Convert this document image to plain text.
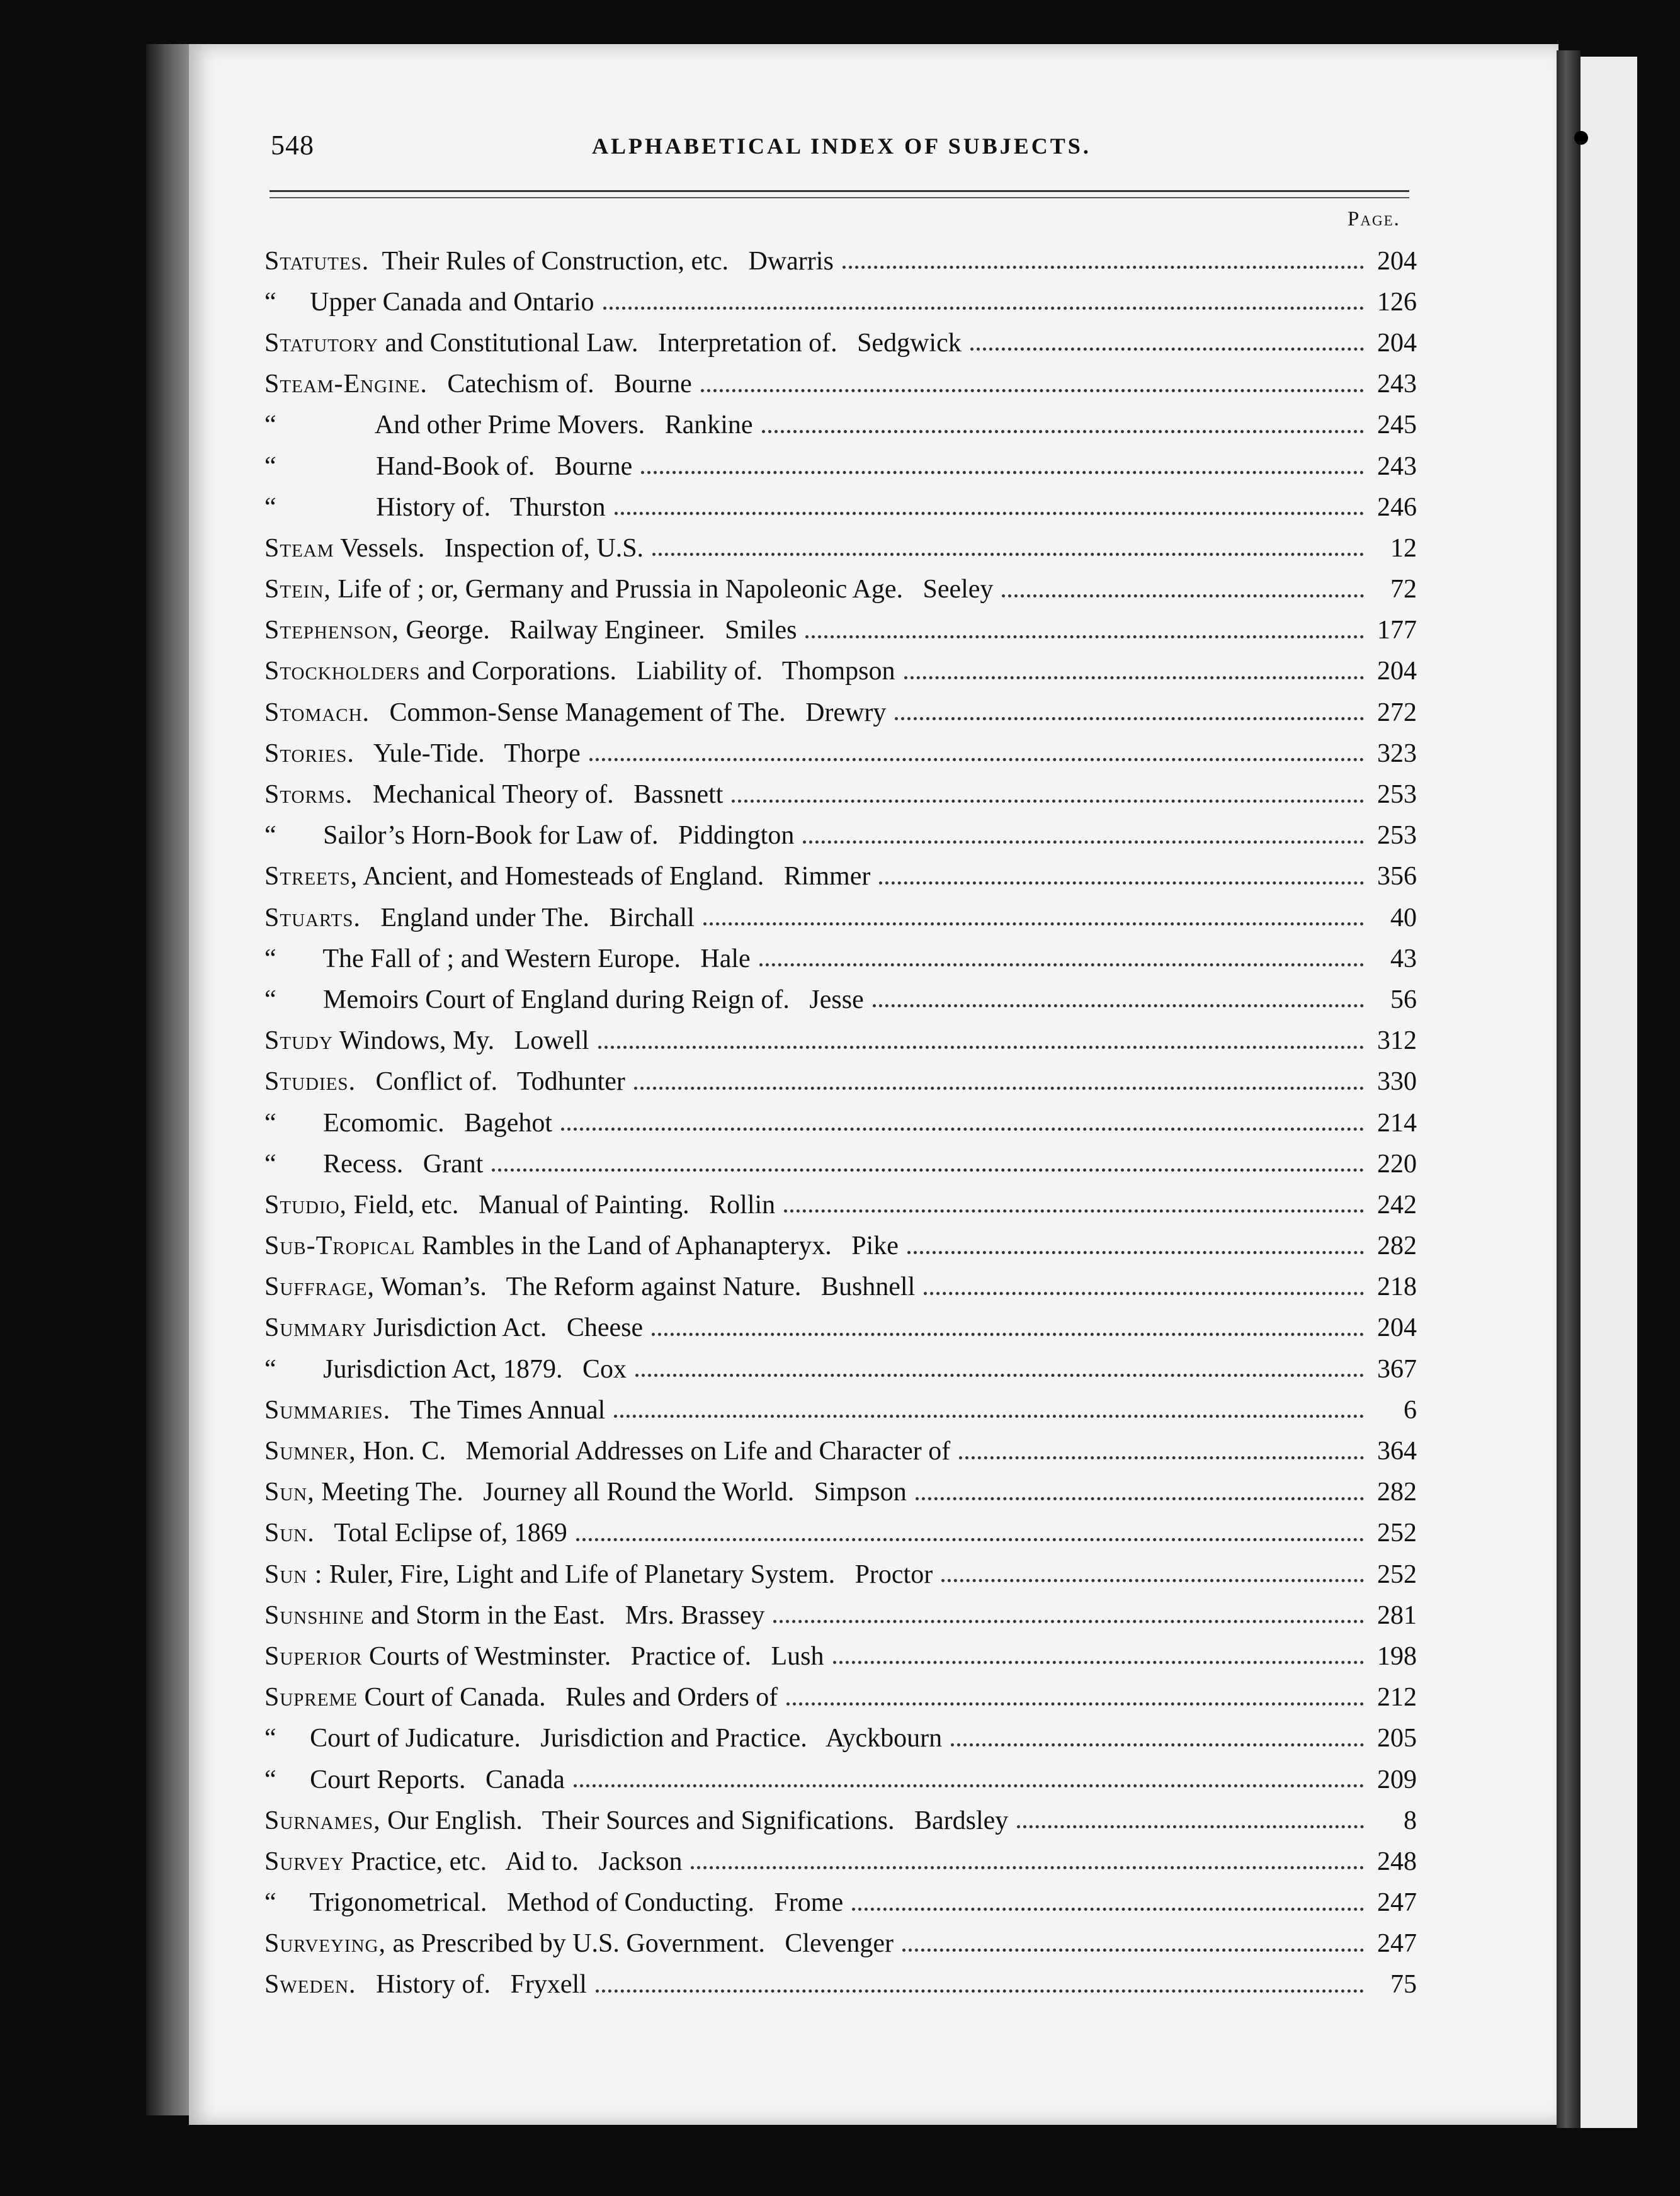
548	ALPHABETICAL INDEX OF SUBJECTS.
Page.
Statutes. Their Rules of Construction, etc.   Dwarris	204
“ Upper Canada and Ontario	126
Statutory and Constitutional Law.   Interpretation of.   Sedgwick	204
Steam-Engine. Catechism of.   Bourne	243
“ And other Prime Movers.   Rankine	245
“ Hand-Book of.   Bourne	243
“ History of.   Thurston	246
Steam Vessels.   Inspection of, U.S.	12
Stein, Life of ; or, Germany and Prussia in Napoleonic Age.   Seeley	72
Stephenson, George.   Railway Engineer.   Smiles	177
Stockholders and Corporations.   Liability of.   Thompson	204
Stomach. Common-Sense Management of The.   Drewry	272
Stories. Yule-Tide.   Thorpe	323
Storms. Mechanical Theory of.   Bassnett	253
“ Sailor’s Horn-Book for Law of.   Piddington	253
Streets, Ancient, and Homesteads of England.   Rimmer	356
Stuarts. England under The.   Birchall	40
“ The Fall of ; and Western Europe.   Hale	43
“ Memoirs Court of England during Reign of.   Jesse	56
Study Windows, My.   Lowell	312
Studies. Conflict of.   Todhunter	330
“ Ecomomic.   Bagehot	214
“ Recess.   Grant	220
Studio, Field, etc.   Manual of Painting.   Rollin	242
Sub-Tropical Rambles in the Land of Aphanapteryx.   Pike	282
Suffrage, Woman’s.   The Reform against Nature.   Bushnell	218
Summary Jurisdiction Act.   Cheese	204
“ Jurisdiction Act, 1879.   Cox	367
Summaries. The Times Annual	6
Sumner, Hon. C.   Memorial Addresses on Life and Character of	364
Sun, Meeting The.   Journey all Round the World.   Simpson	282
Sun. Total Eclipse of, 1869	252
Sun : Ruler, Fire, Light and Life of Planetary System.   Proctor	252
Sunshine and Storm in the East.   Mrs. Brassey	281
Superior Courts of Westminster.   Practice of.   Lush	198
Supreme Court of Canada.   Rules and Orders of	212
“ Court of Judicature.   Jurisdiction and Practice.   Ayckbourn	205
“ Court Reports.   Canada	209
Surnames, Our English.   Their Sources and Significations.   Bardsley	8
Survey Practice, etc.   Aid to.   Jackson	248
“ Trigonometrical.   Method of Conducting.   Frome	247
Surveying, as Prescribed by U.S. Government.   Clevenger	247
Sweden. History of.   Fryxell	75
